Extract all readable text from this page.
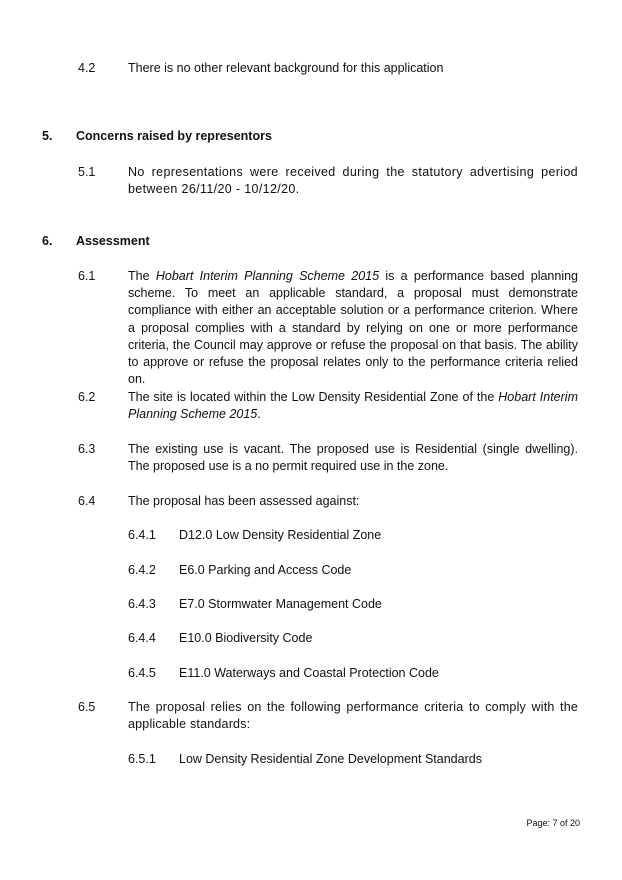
4.2	There is no other relevant background for this application
5. Concerns raised by representors
5.1	No representations were received during the statutory advertising period between 26/11/20 - 10/12/20.
6. Assessment
6.1	The Hobart Interim Planning Scheme 2015 is a performance based planning scheme. To meet an applicable standard, a proposal must demonstrate compliance with either an acceptable solution or a performance criterion. Where a proposal complies with a standard by relying on one or more performance criteria, the Council may approve or refuse the proposal on that basis. The ability to approve or refuse the proposal relates only to the performance criteria relied on.
6.2	The site is located within the Low Density Residential Zone of the Hobart Interim Planning Scheme 2015.
6.3	The existing use is vacant. The proposed use is Residential (single dwelling). The proposed use is a no permit required use in the zone.
6.4	The proposal has been assessed against:
6.4.1 D12.0 Low Density Residential Zone
6.4.2 E6.0 Parking and Access Code
6.4.3 E7.0 Stormwater Management Code
6.4.4 E10.0 Biodiversity Code
6.4.5 E11.0 Waterways and Coastal Protection Code
6.5	The proposal relies on the following performance criteria to comply with the applicable standards:
6.5.1 Low Density Residential Zone Development Standards
Page: 7 of 20
